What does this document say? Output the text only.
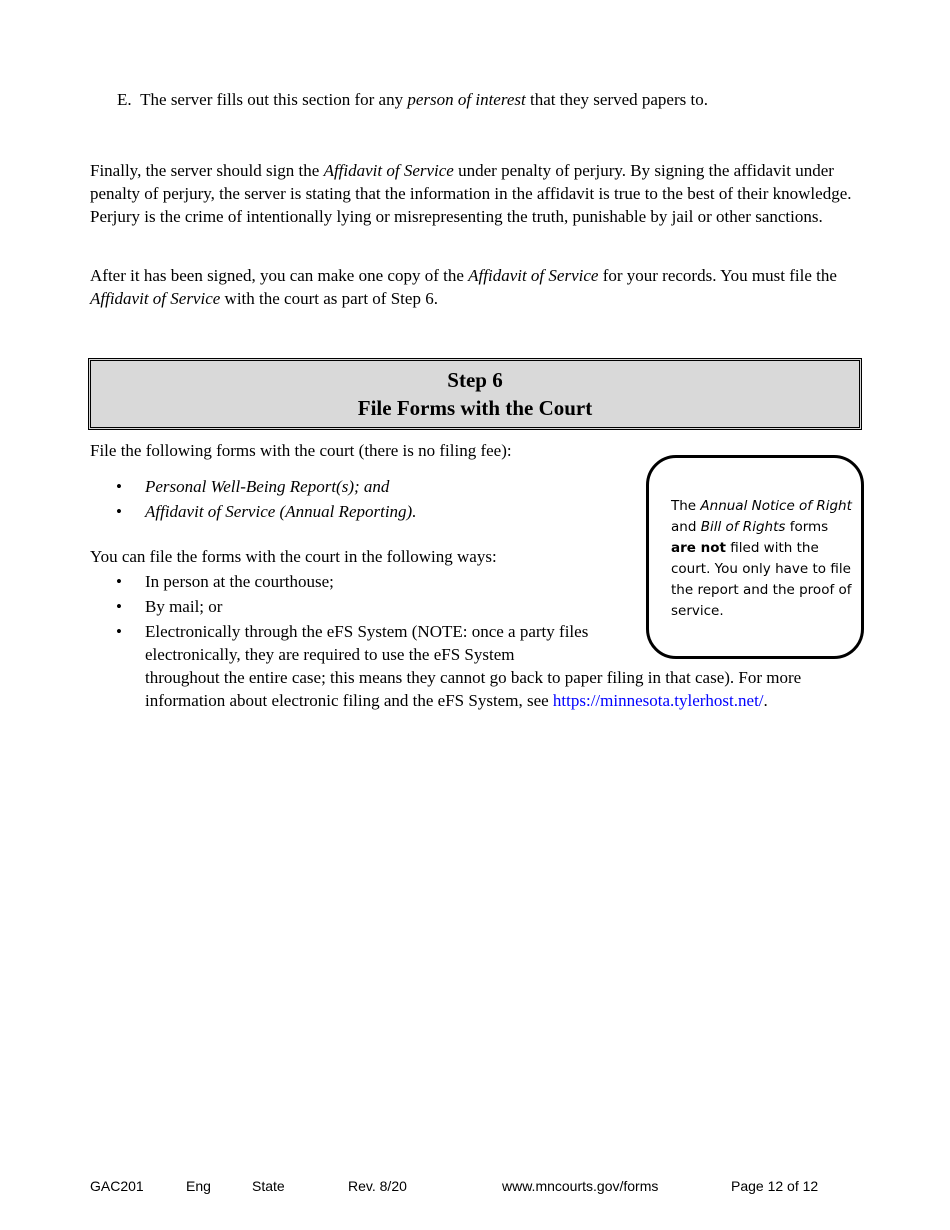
E. The server fills out this section for any person of interest that they served papers to.
Finally, the server should sign the Affidavit of Service under penalty of perjury. By signing the affidavit under penalty of perjury, the server is stating that the information in the affidavit is true to the best of their knowledge. Perjury is the crime of intentionally lying or misrepresenting the truth, punishable by jail or other sanctions.
After it has been signed, you can make one copy of the Affidavit of Service for your records. You must file the Affidavit of Service with the court as part of Step 6.
Step 6
File Forms with the Court
File the following forms with the court (there is no filing fee):
•	Personal Well-Being Report(s); and
•	Affidavit of Service (Annual Reporting).
You can file the forms with the court in the following ways:
•	In person at the courthouse;
•	By mail; or
•	Electronically through the eFS System (NOTE: once a party files
electronically, they are required to use the eFS System
throughout the entire case; this means they cannot go back to paper filing in that case). For more
information about electronic filing and the eFS System, see https://minnesota.tylerhost.net/.
The Annual Notice of Right and Bill of Rights forms are not filed with the court. You only have to file the report and the proof of service.
GAC201	Eng	State	Rev. 8/20	www.mncourts.gov/forms	Page 12 of 12
